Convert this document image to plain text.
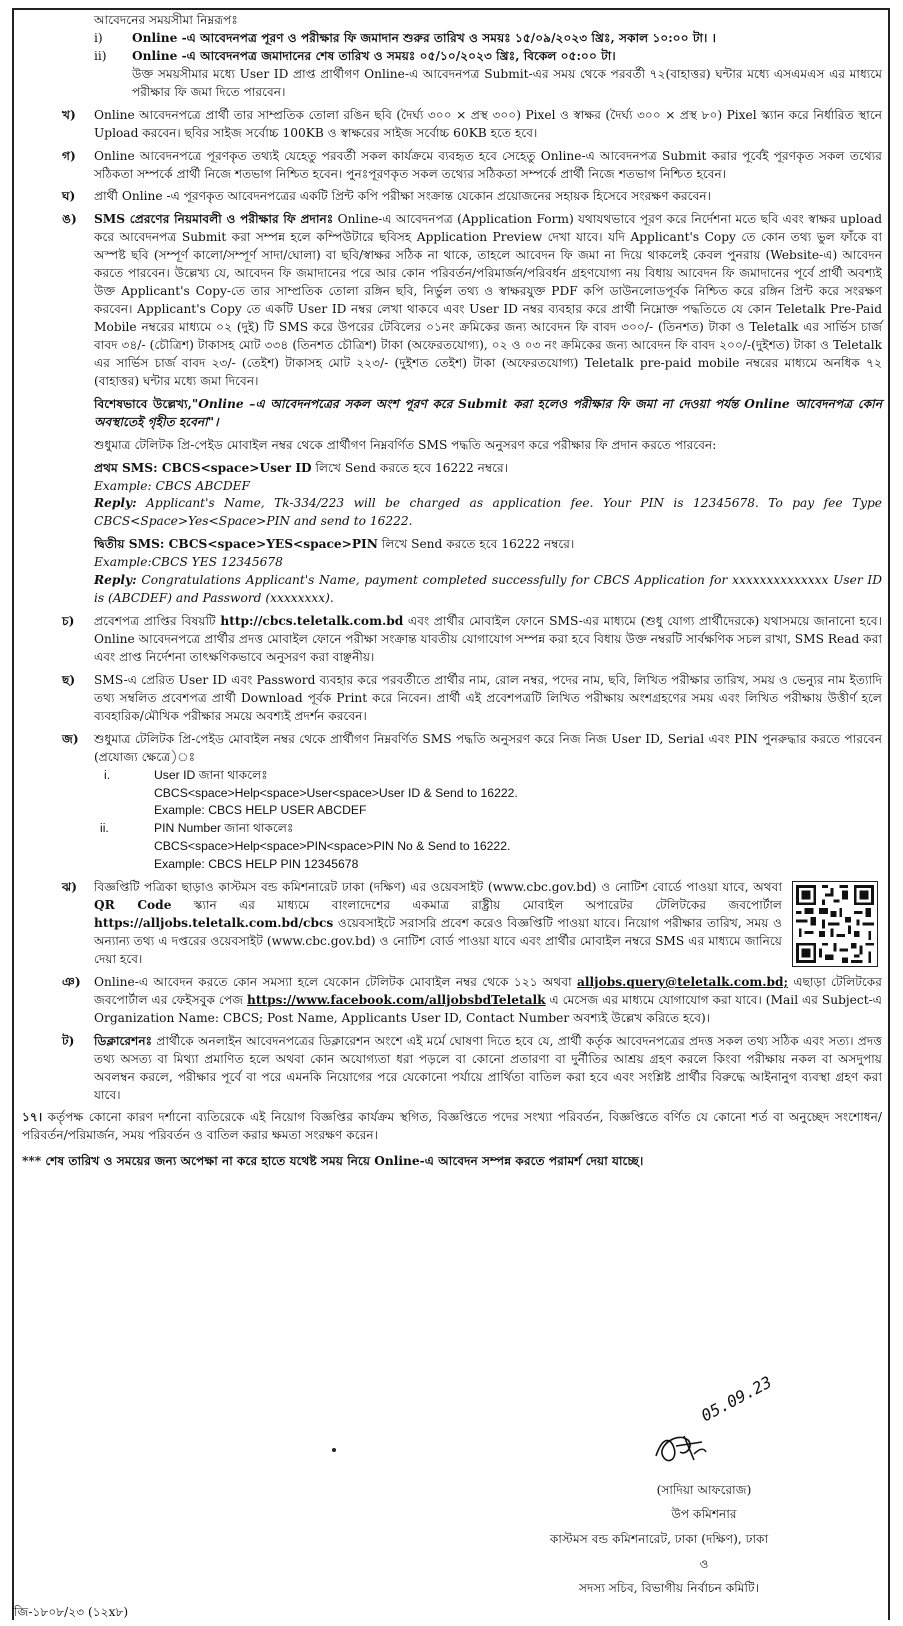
আবেদনের সময়সীমা নিম্নরূপঃ

i) Online -এ আবেদনপত্র পূরণ ও পরীক্ষার ফি জমাদান শুরুর তারিখ ও সময়ঃ ১৫/০৯/২০২৩ খ্রিঃ, সকাল ১০:০০ টা। ।
ii) Online -এ আবেদনপত্র জমাদানের শেষ তারিখ ও সময়ঃ ০৫/১০/২০২৩ খ্রিঃ, বিকেল ০৫:০০ টা।

উক্ত সময়সীমার মধ্যে User ID প্রাপ্ত প্রার্থীগণ Online-এ আবেদনপত্র Submit-এর সময় থেকে পরবর্তী ৭২(বাহাত্তর) ঘন্টার মধ্যে এসএমএস এর মাধ্যমে পরীক্ষার ফি জমা দিতে পারবেন।

খ) Online আবেদনপত্রে প্রার্থী তার সাম্প্রতিক তোলা রঙিন ছবি (দৈর্ঘ্য ৩০০ × প্রস্থ ৩০০) Pixel ও স্বাক্ষর (দৈর্ঘ্য ৩০০ × প্রস্থ ৮০) Pixel স্ক্যান করে নির্ধারিত স্থানে Upload করবেন। ছবির সাইজ সর্বোচ্চ 100KB ও স্বাক্ষরের সাইজ সর্বোচ্চ 60KB হতে হবে।

গ) Online আবেদনপত্রে পূরণকৃত তথ্যই যেহেতু পরবর্তী সকল কার্যক্রমে ব্যবহৃত হবে সেহেতু Online-এ আবেদনপত্র Submit করার পূর্বেই পূরণকৃত সকল তথ্যের সঠিকতা সম্পর্কে প্রার্থী নিজে শতভাগ নিশ্চিত হবেন। পুনঃপূরণকৃত সকল তথ্যের সঠিকতা সম্পর্কে প্রার্থী নিজে শতভাগ নিশ্চিত হবেন।

ঘ) প্রার্থী Online -এ পূরণকৃত আবেদনপত্রের একটি প্রিন্ট কপি পরীক্ষা সংক্রান্ত যেকোন প্রয়োজনের সহায়ক হিসেবে সংরক্ষণ করবেন।

ঙ) SMS প্রেরণের নিয়মাবলী ও পরীক্ষার ফি প্রদানঃ Online-এ আবেদনপত্র (Application Form) যথাযথভাবে পূরণ করে নির্দেশনা মতে ছবি এবং স্বাক্ষর upload করে আবেদনপত্র Submit করা সম্পন্ন হলে কম্পিউটারে ছবিসহ Application Preview দেখা যাবে। যদি Applicant's Copy তে কোন তথ্য ভুল ফাঁকে বা অস্পষ্ট ছবি (সম্পূর্ণ কালো/সম্পূর্ণ সাদা/ঘোলা) বা ছবি/স্বাক্ষর সঠিক না থাকে, তাহলে আবেদন ফি জমা না দিয়ে থাকলেই কেবল পুনরায় (Website-এ) আবেদন করতে পারবেন। উল্লেখ্য যে, আবেদন ফি জমাদানের পরে আর কোন পরিবর্তন/পরিমার্জন/পরিবর্ধন গ্রহণযোগ্য নয় বিধায় আবেদন ফি জমাদানের পূর্বে প্রার্থী অবশ্যই উক্ত Applicant's Copy-তে তার সাম্প্রতিক তোলা রঙ্গিন ছবি, নির্ভুল তথ্য ও স্বাক্ষরযুক্ত PDF কপি ডাউনলোডপূর্বক নিশ্চিত করে রঙ্গিন প্রিন্ট করে সংরক্ষণ করবেন। Applicant's Copy তে একটি User ID নম্বর লেখা থাকবে এবং User ID নম্বর ব্যবহার করে প্রার্থী নিম্নোক্ত পদ্ধতিতে যে কোন Teletalk Pre-Paid Mobile নম্বরের মাধ্যমে ০২ (দুই) টি SMS করে উপরের টেবিলের ০১নং ক্রমিকের জন্য আবেদন ফি বাবদ ৩০০/- (তিনশত) টাকা ও Teletalk এর সার্ভিস চার্জ বাবদ ৩৪/- (চৌত্রিশ) টাকাসহ মোট ৩৩৪ (তিনশত চৌত্রিশ) টাকা (অফেরতযোগ্য), ০২ ও ০৩ নং ক্রমিকের জন্য আবেদন ফি বাবদ ২০০/-(দুইশত) টাকা ও Teletalk এর সার্ভিস চার্জ বাবদ ২৩/- (তেইশ) টাকাসহ মোট ২২৩/- (দুইশত তেইশ) টাকা (অফেরতযোগ্য) Teletalk pre-paid mobile নম্বরের মাধ্যমে অনধিক ৭২ (বাহাত্তর) ঘন্টার মধ্যে জমা দিবেন।

বিশেষভাবে উল্লেখ্য,"Online –এ আবেদনপত্রের সকল অংশ পূরণ করে Submit করা হলেও পরীক্ষার ফি জমা না দেওয়া পর্যন্ত Online আবেদনপত্র কোন অবস্থাতেই গৃহীত হবেনা"।

শুধুমাত্র টেলিটক প্রি-পেইড মোবাইল নম্বর থেকে প্রার্থীগণ নিম্নবর্ণিত SMS পদ্ধতি অনুসরণ করে পরীক্ষার ফি প্রদান করতে পারবেন:

প্রথম SMS: CBCS<space>User ID লিখে Send করতে হবে 16222 নম্বরে।

Example: CBCS ABCDEF

Reply: Applicant's Name, Tk-334/223 will be charged as application fee. Your PIN is 12345678. To pay fee Type CBCS<Space>Yes<Space>PIN and send to 16222.

দ্বিতীয় SMS: CBCS<space>YES<space>PIN লিখে Send করতে হবে 16222 নম্বরে।

Example:CBCS YES 12345678

Reply: Congratulations Applicant's Name, payment completed successfully for CBCS Application for xxxxxxxxxxxxxx User ID is (ABCDEF) and Password (xxxxxxxx).

চ) প্রবেশপত্র প্রাপ্তির বিষয়টি http://cbcs.teletalk.com.bd এবং প্রার্থীর মোবাইল ফোনে SMS-এর মাধ্যমে (শুধু যোগ্য প্রার্থীদেরকে) যথাসময়ে জানানো হবে। Online আবেদনপত্রে প্রার্থীর প্রদত্ত মোবাইল ফোনে পরীক্ষা সংক্রান্ত যাবতীয় যোগাযোগ সম্পন্ন করা হবে বিধায় উক্ত নম্বরটি সার্বক্ষণিক সচল রাখা, SMS Read করা এবং প্রাপ্ত নির্দেশনা তাৎক্ষণিকভাবে অনুসরণ করা বাঞ্ছনীয়।

ছ) SMS-এ প্রেরিত User ID এবং Password ব্যবহার করে পরবর্তীতে প্রার্থীর নাম, রোল নম্বর, পদের নাম, ছবি, লিখিত পরীক্ষার তারিখ, সময় ও ভেন্যুর নাম ইত্যাদি তথ্য সম্বলিত প্রবেশপত্র প্রার্থী Download পূর্বক Print করে নিবেন। প্রার্থী এই প্রবেশপত্রটি লিখিত পরীক্ষায় অংশগ্রহণের সময় এবং লিখিত পরীক্ষায় উত্তীর্ণ হলে ব্যবহারিক/মৌখিক পরীক্ষার সময়ে অবশ্যই প্রদর্শন করবেন।

জ) শুধুমাত্র টেলিটক প্রি-পেইড মোবাইল নম্বর থেকে প্রার্থীগণ নিম্নবর্ণিত SMS পদ্ধতি অনুসরণ করে নিজ নিজ User ID, Serial এবং PIN পুনরুদ্ধার করতে পারবেন (প্রযোজ্য ক্ষেত্রে)ঃ

i.	User ID জানা থাকলেঃ
CBCS<space>Help<space>User<space>User ID & Send to 16222.
Example: CBCS HELP USER ABCDEF
ii.	PIN Number জানা থাকলেঃ
CBCS<space>Help<space>PIN<space>PIN No & Send to 16222.
Example: CBCS HELP PIN 12345678
ঝ) বিজ্ঞপ্তিটি পত্রিকা ছাড়াও কাস্টমস বন্ড কমিশনারেট ঢাকা (দক্ষিণ) এর ওয়েবসাইট (www.cbc.gov.bd) ও নোটিশ বোর্ডে পাওয়া যাবে, অথবা QR Code স্ক্যান এর মাধ্যমে বাংলাদেশের একমাত্র রাষ্ট্রীয় মোবাইল অপারেটর টেলিটকের জবপোর্টাল https://alljobs.teletalk.com.bd/cbcs ওয়েবসাইটে সরাসরি প্রবেশ করেও বিজ্ঞপ্তিটি পাওয়া যাবে। নিয়োগ পরীক্ষার তারিখ, সময় ও অন্যান্য তথ্য এ দপ্তরের ওয়েবসাইট (www.cbc.gov.bd) ও নোটিশ বোর্ড পাওয়া যাবে এবং প্রার্থীর মোবাইল নম্বরে SMS এর মাধ্যমে জানিয়ে দেয়া হবে।

ঞ) Online-এ আবেদন করতে কোন সমস্যা হলে যেকোন টেলিটক মোবাইল নম্বর থেকে ১২১ অথবা alljobs.query@teletalk.com.bd; এছাড়া টেলিটকের জবপোর্টাল এর ফেইসবুক পেজ https://www.facebook.com/alljobsbdTeletalk এ মেসেজ এর মাধ্যমে যোগাযোগ করা যাবে। (Mail এর Subject-এ Organization Name: CBCS; Post Name, Applicants User ID, Contact Number অবশ্যই উল্লেখ করিতে হবে)।

ট) ডিক্লারেশনঃ প্রার্থীকে অনলাইন আবেদনপত্রের ডিক্লারেশন অংশে এই মর্মে ঘোষণা দিতে হবে যে, প্রার্থী কর্তৃক আবেদনপত্রের প্রদত্ত সকল তথ্য সঠিক এবং সত্য। প্রদত্ত তথ্য অসত্য বা মিথ্যা প্রমাণিত হলে অথবা কোন অযোগ্যতা ধরা পড়লে বা কোনো প্রতারণা বা দুর্নীতির আশ্রয় গ্রহণ করলে কিংবা পরীক্ষায় নকল বা অসদুপায় অবলম্বন করলে, পরীক্ষার পূর্বে বা পরে এমনকি নিয়োগের পরে যেকোনো পর্যায়ে প্রার্থিতা বাতিল করা হবে এবং সংশ্লিষ্ট প্রার্থীর বিরুদ্ধে আইনানুগ ব্যবস্থা গ্রহণ করা যাবে।

১৭। কর্তৃপক্ষ কোনো কারণ দর্শানো ব্যতিরেকে এই নিয়োগ বিজ্ঞপ্তির কার্যক্রম স্থগিত, বিজ্ঞপ্তিতে পদের সংখ্যা পরিবর্তন, বিজ্ঞপ্তিতে বর্ণিত যে কোনো শর্ত বা অনুচ্ছেদ সংশোধন/পরিবর্তন/পরিমার্জন, সময় পরিবর্তন ও বাতিল করার ক্ষমতা সংরক্ষণ করেন।

*** শেষ তারিখ ও সময়ের জন্য অপেক্ষা না করে হাতে যথেষ্ট সময় নিয়ে Online-এ আবেদন সম্পন্ন করতে পরামর্শ দেয়া যাচ্ছে।

05.09.23
(সাদিয়া আফরোজ)
উপ কমিশনার
কাস্টমস বন্ড কমিশনারেট, ঢাকা (দক্ষিণ), ঢাকা
ও
সদস্য সচিব, বিভাগীয় নির্বাচন কমিটি।
জি-১৮০৮/২৩ (১২x৮)
